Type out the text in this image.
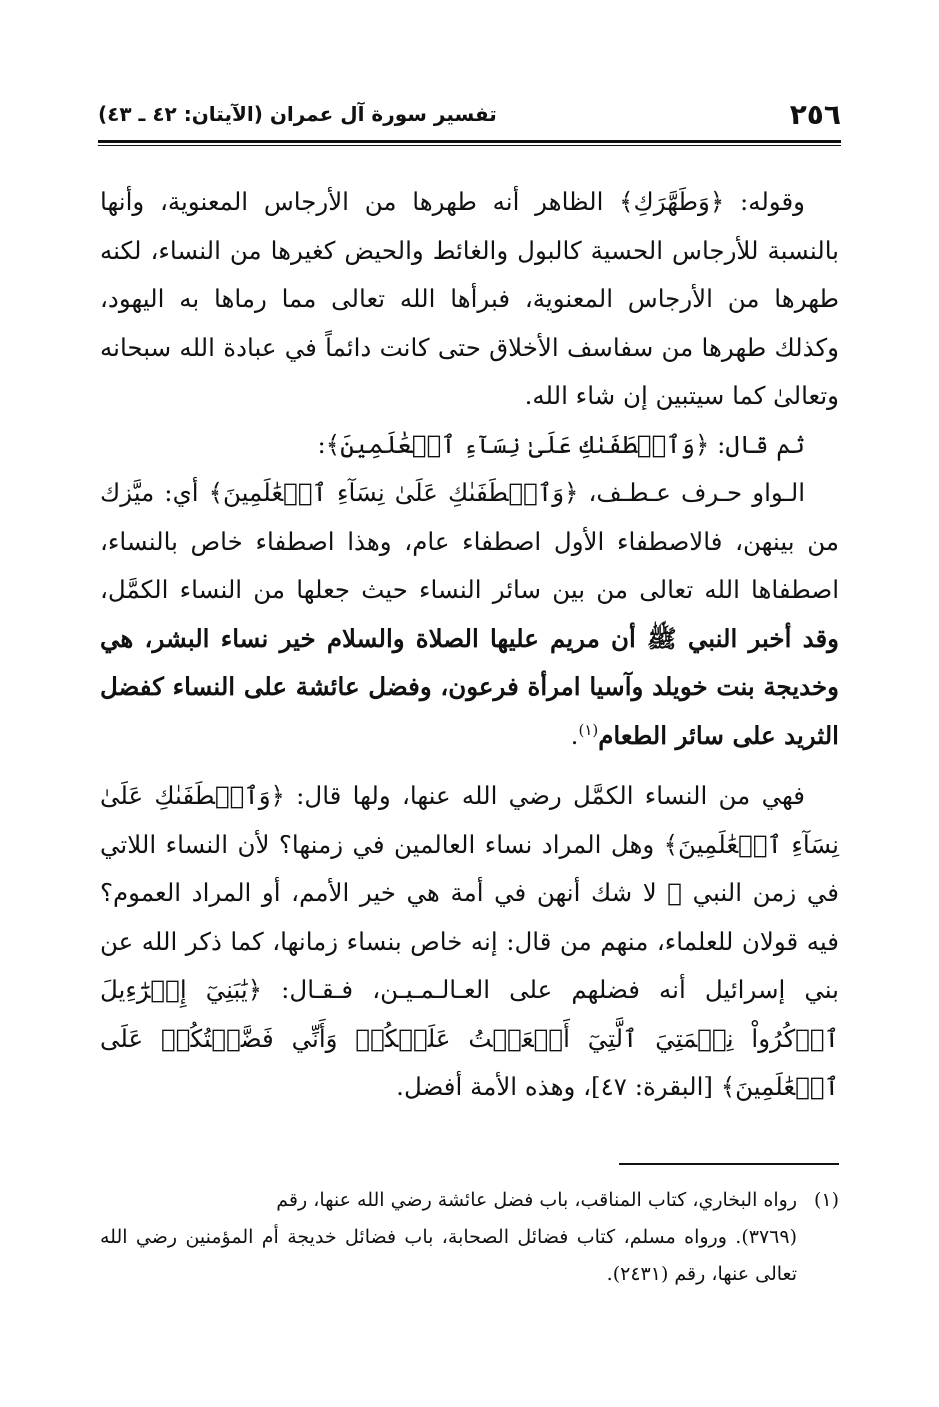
٢٥٦
تفسير سورة آل عمران (الآيتان: ٤٢ ـ ٤٣)

وقوله: ﴿وَطَهَّرَكِ﴾ الظاهر أنه طهرها من الأرجاس المعنوية، وأنها بالنسبة للأرجاس الحسية كالبول والغائط والحيض كغيرها من النساء، لكنه طهرها من الأرجاس المعنوية، فبرأها الله تعالى مما رماها به اليهود، وكذلك طهرها من سفاسف الأخلاق حتى كانت دائماً في عبادة الله سبحانه وتعالىٰ كما سيتبين إن شاء الله.

ثم قال: ﴿وَٱصۡطَفَىٰكِ عَلَىٰ نِسَآءِ ٱلۡعَٰلَمِينَ﴾:

الـواو حـرف عـطـف، ﴿وَٱصۡطَفَىٰكِ عَلَىٰ نِسَآءِ ٱلۡعَٰلَمِينَ﴾ أي: ميَّزك من بينهن، فالاصطفاء الأول اصطفاء عام، وهذا اصطفاء خاص بالنساء، اصطفاها الله تعالى من بين سائر النساء حيث جعلها من النساء الكمَّل، وقد أخبر النبي ﷺ أن مريم عليها الصلاة والسلام خير نساء البشر، هي وخديجة بنت خويلد وآسيا امرأة فرعون، وفضل عائشة على النساء كفضل الثريد على سائر الطعام$^{(١)}$.

فهي من النساء الكمَّل رضي الله عنها، ولها قال: ﴿وَٱصۡطَفَىٰكِ عَلَىٰ نِسَآءِ ٱلۡعَٰلَمِينَ﴾ وهل المراد نساء العالمين في زمنها؟ لأن النساء اللاتي في زمن النبي ﷺ لا شك أنهن في أمة هي خير الأمم، أو المراد العموم؟ فيه قولان للعلماء، منهم من قال: إنه خاص بنساء زمانها، كما ذكر الله عن بني إسرائيل أنه فضلهم على العـالـمـيـن، فـقـال: ﴿يَٰبَنِيٓ إِسۡرَٰٓءِيلَ ٱذۡكُرُواْ نِعۡمَتِيَ ٱلَّتِيٓ أَنۡعَمۡتُ عَلَيۡكُمۡ وَأَنِّي فَضَّلۡتُكُمۡ عَلَى ٱلۡعَٰلَمِينَ﴾ [البقرة: ٤٧]، وهذه الأمة أفضل.

(١)رواه البخاري، كتاب المناقب، باب فضل عائشة رضي الله عنها، رقم

(٣٧٦٩). ورواه مسلم، كتاب فضائل الصحابة، باب فضائل خديجة أم المؤمنين رضي الله تعالى عنها، رقم (٢٤٣١).
